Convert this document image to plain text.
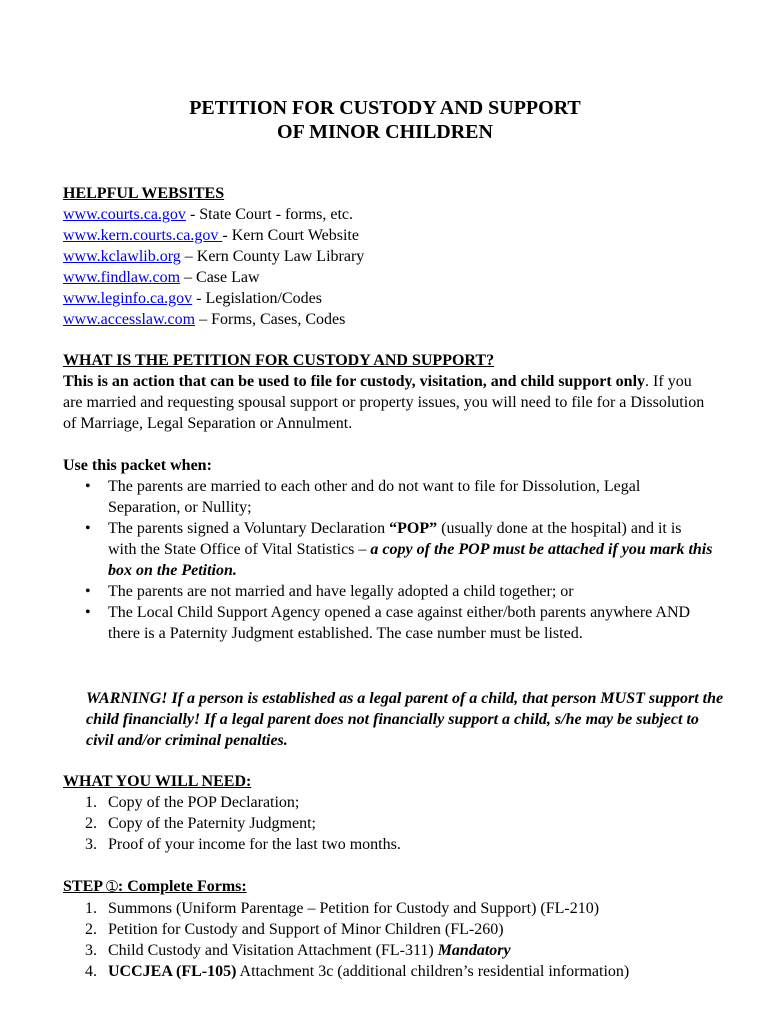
PETITION FOR CUSTODY AND SUPPORT
OF MINOR CHILDREN
HELPFUL WEBSITES
www.courts.ca.gov - State Court - forms, etc.
www.kern.courts.ca.gov - Kern Court Website
www.kclawlib.org – Kern County Law Library
www.findlaw.com – Case Law
www.leginfo.ca.gov - Legislation/Codes
www.accesslaw.com – Forms, Cases, Codes
WHAT IS THE PETITION FOR CUSTODY AND SUPPORT?
This is an action that can be used to file for custody, visitation, and child support only. If you are married and requesting spousal support or property issues, you will need to file for a Dissolution of Marriage, Legal Separation or Annulment.
Use this packet when:
• The parents are married to each other and do not want to file for Dissolution, Legal Separation, or Nullity;
• The parents signed a Voluntary Declaration “POP” (usually done at the hospital) and it is with the State Office of Vital Statistics – a copy of the POP must be attached if you mark this box on the Petition.
• The parents are not married and have legally adopted a child together; or
• The Local Child Support Agency opened a case against either/both parents anywhere AND there is a Paternity Judgment established. The case number must be listed.
WARNING! If a person is established as a legal parent of a child, that person MUST support the child financially! If a legal parent does not financially support a child, s/he may be subject to civil and/or criminal penalties.
WHAT YOU WILL NEED:
1. Copy of the POP Declaration;
2. Copy of the Paternity Judgment;
3. Proof of your income for the last two months.
STEP ➀: Complete Forms:
1. Summons (Uniform Parentage – Petition for Custody and Support) (FL-210)
2. Petition for Custody and Support of Minor Children (FL-260)
3. Child Custody and Visitation Attachment (FL-311) Mandatory
4. UCCJEA (FL-105) Attachment 3c (additional children’s residential information)
